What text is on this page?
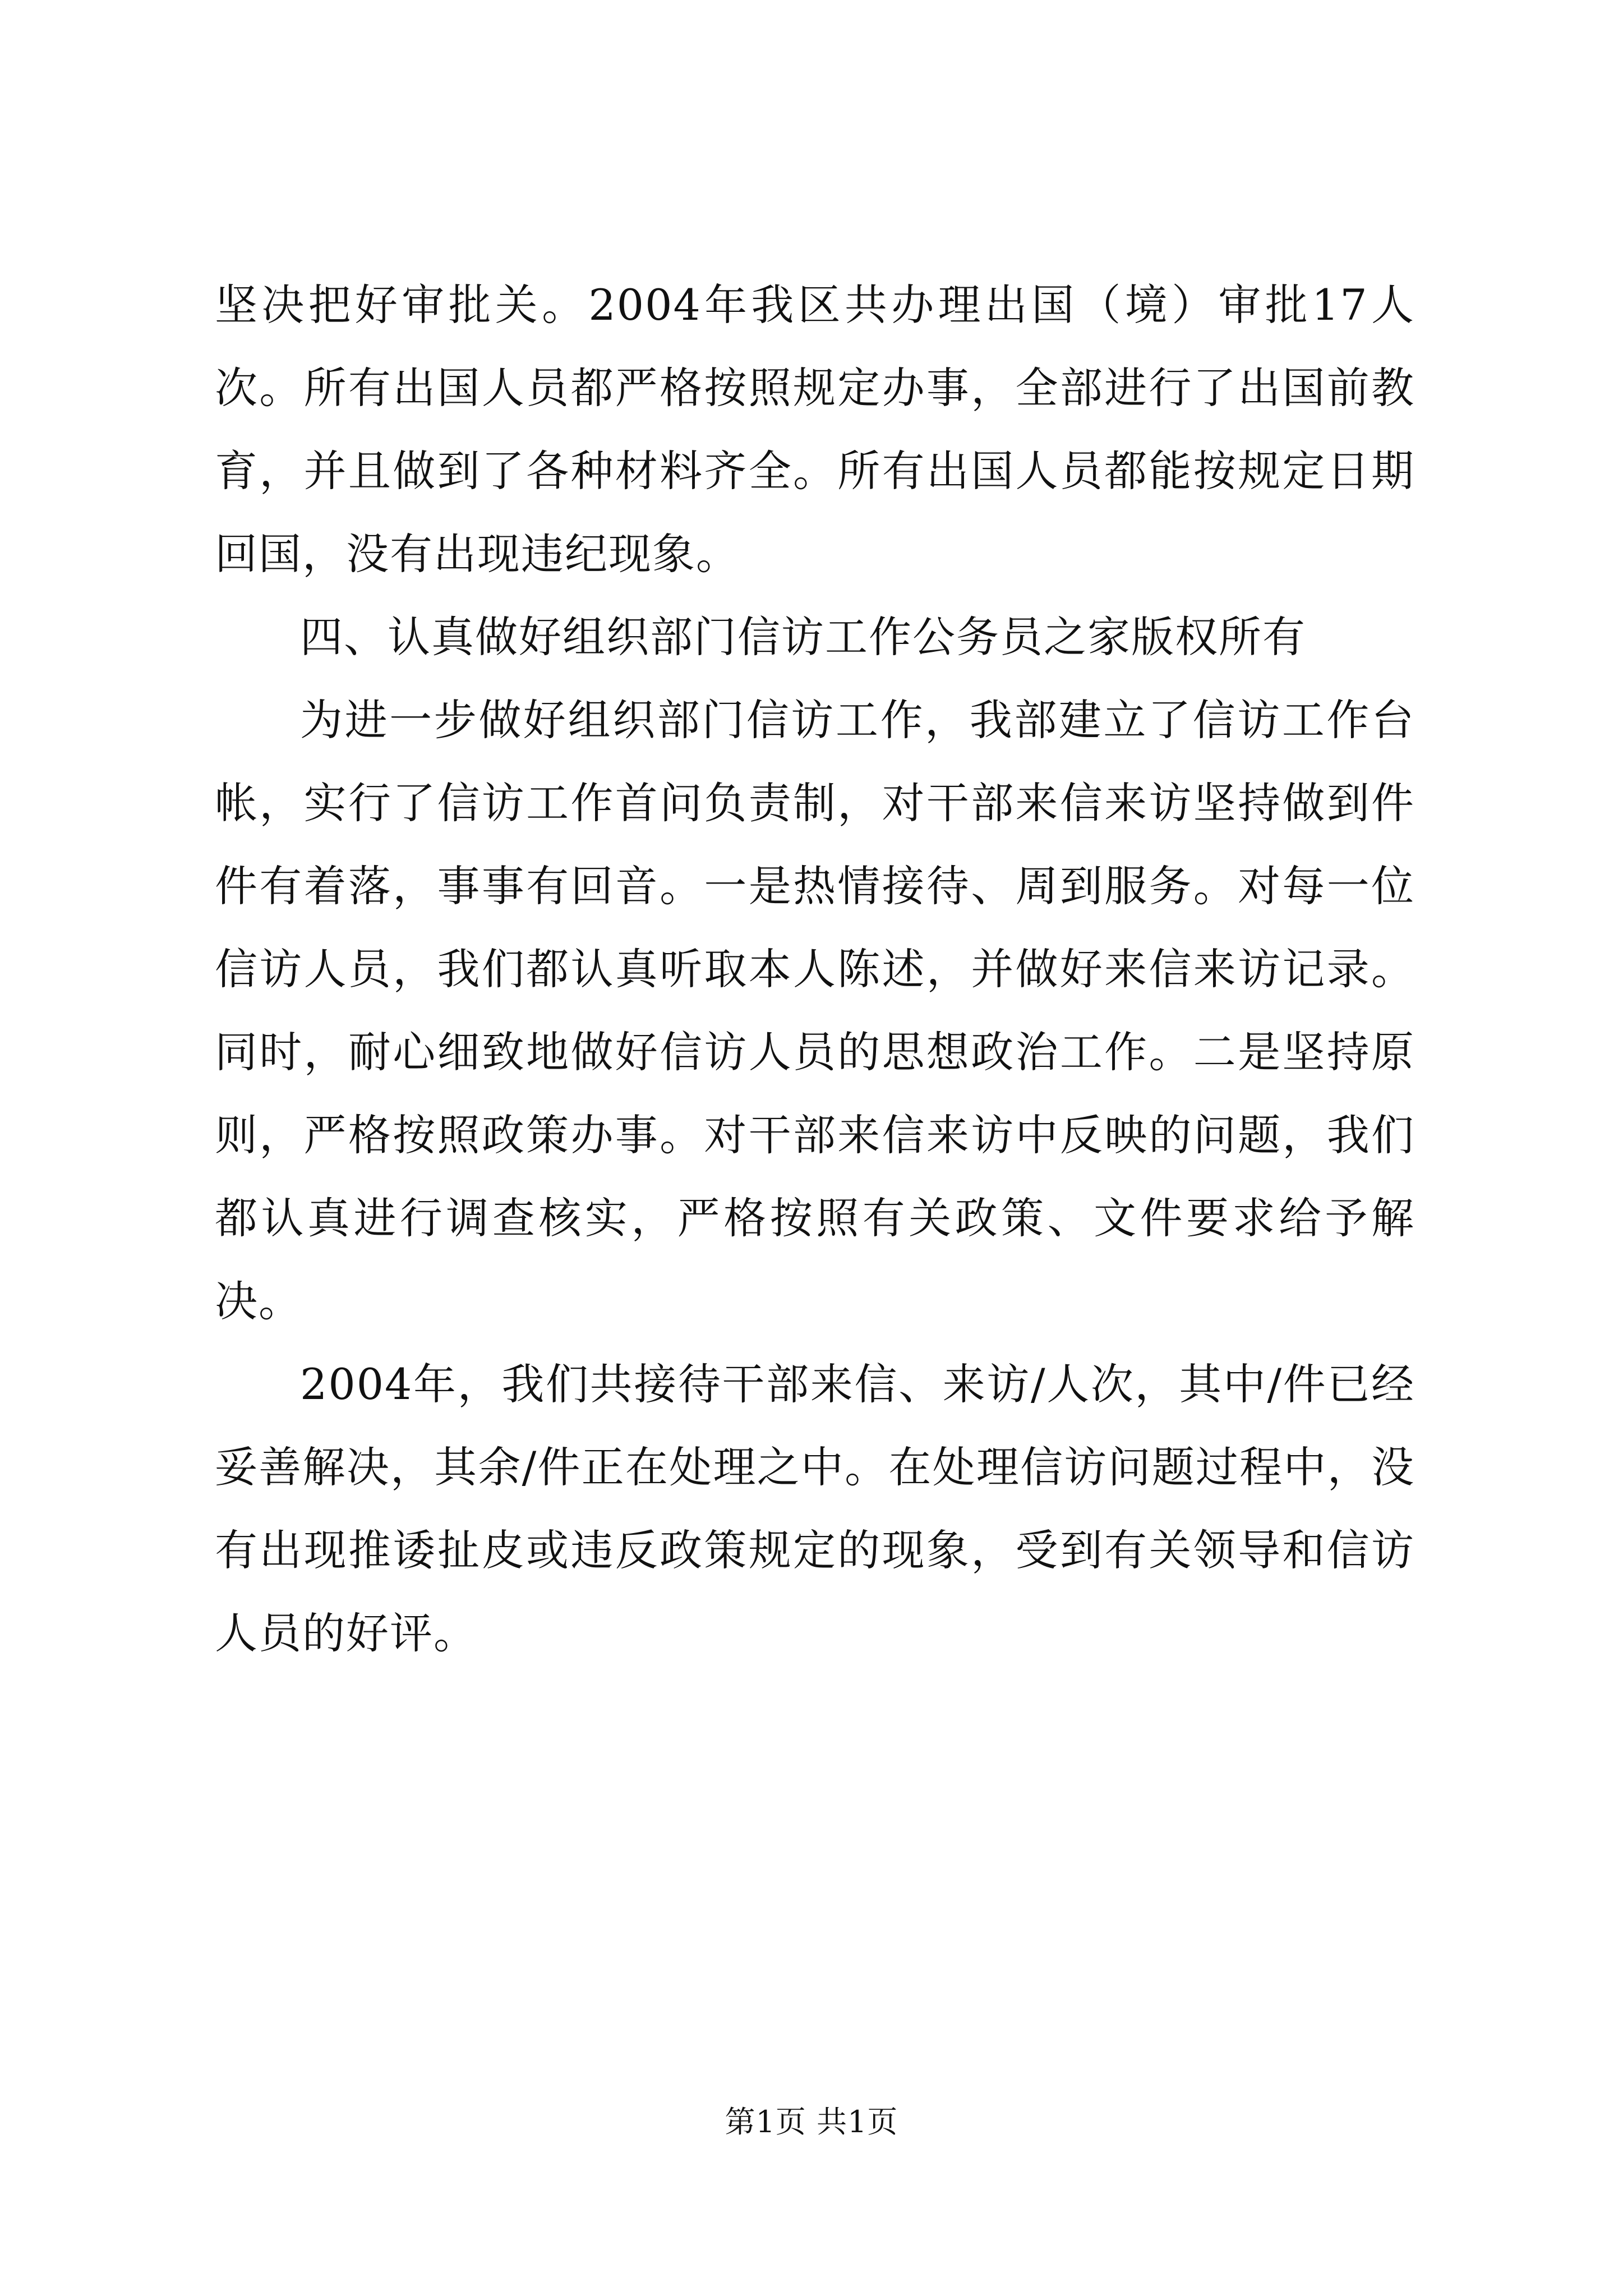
坚决把好审批关。2004年我区共办理出国（境）审批17人次。所有出国人员都严格按照规定办事，全部进行了出国前教育，并且做到了各种材料齐全。所有出国人员都能按规定日期回国，没有出现违纪现象。

四、认真做好组织部门信访工作公务员之家版权所有

为进一步做好组织部门信访工作，我部建立了信访工作台帐，实行了信访工作首问负责制，对干部来信来访坚持做到件件有着落，事事有回音。一是热情接待、周到服务。对每一位信访人员，我们都认真听取本人陈述，并做好来信来访记录。同时，耐心细致地做好信访人员的思想政治工作。二是坚持原则，严格按照政策办事。对干部来信来访中反映的问题，我们都认真进行调查核实，严格按照有关政策、文件要求给予解决。

2004年，我们共接待干部来信、来访/人次，其中/件已经妥善解决，其余/件正在处理之中。在处理信访问题过程中，没有出现推诿扯皮或违反政策规定的现象，受到有关领导和信访人员的好评。

第1页 共1页
